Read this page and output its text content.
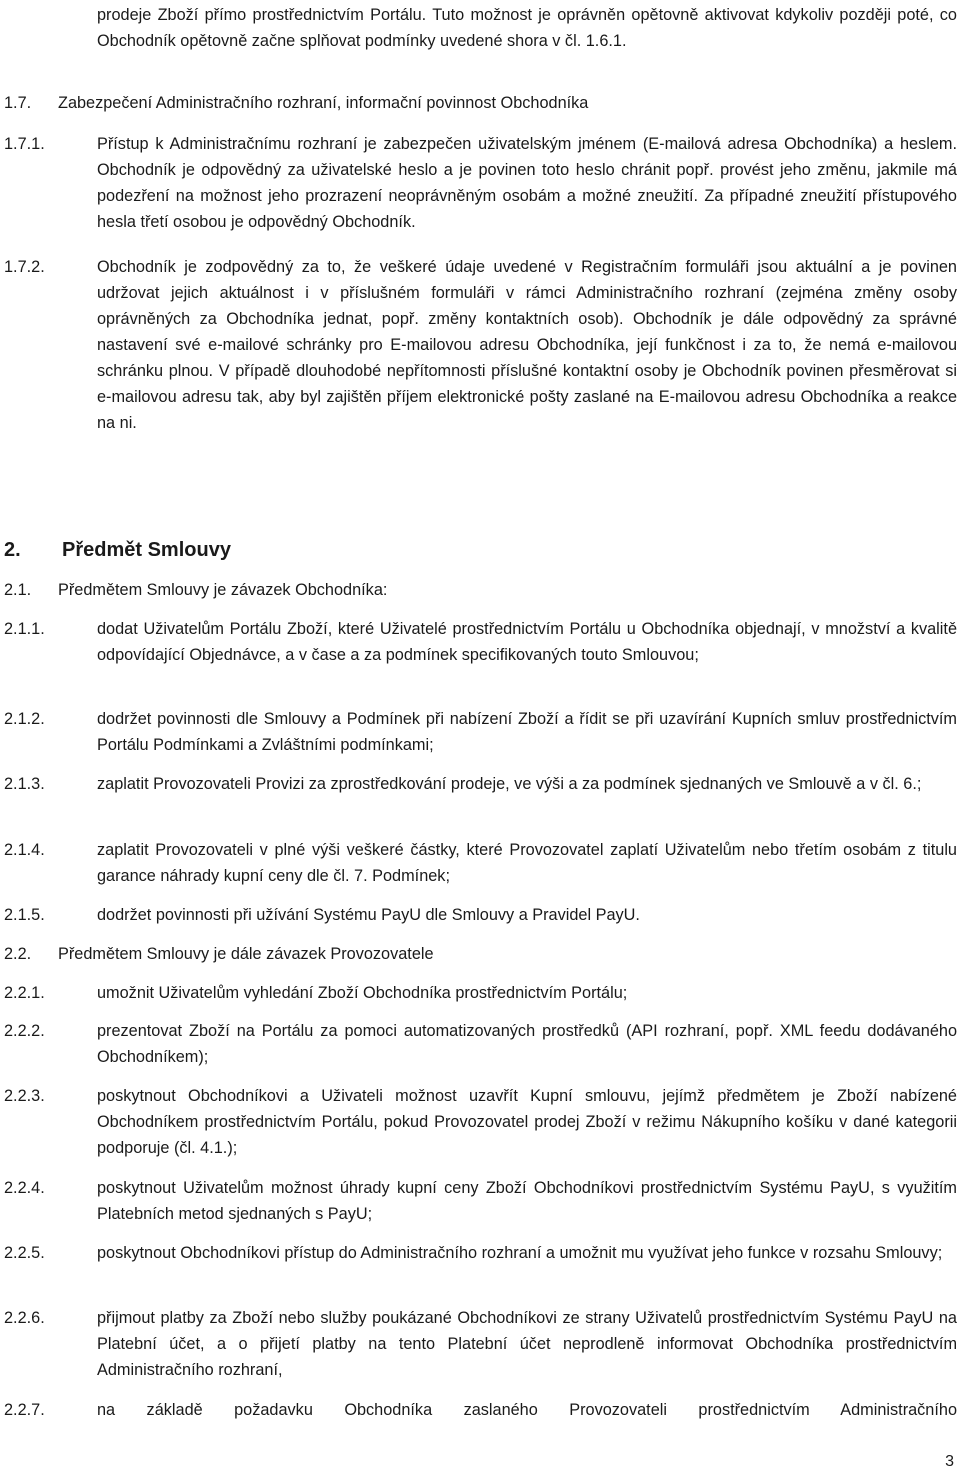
prodeje Zboží přímo prostřednictvím Portálu. Tuto možnost je oprávněn opětovně aktivovat kdykoliv později poté, co Obchodník opětovně začne splňovat podmínky uvedené shora v čl. 1.6.1.
1.7. Zabezpečení Administračního rozhraní, informační povinnost Obchodníka
1.7.1.	Přístup k Administračnímu rozhraní je zabezpečen uživatelským jménem (E-mailová adresa Obchodníka) a heslem. Obchodník je odpovědný za uživatelské heslo a je povinen toto heslo chránit popř. provést jeho změnu, jakmile má podezření na možnost jeho prozrazení neoprávněným osobám a možné zneužití. Za případné zneužití přístupového hesla třetí osobou je odpovědný Obchodník.
1.7.2.	Obchodník je zodpovědný za to, že veškeré údaje uvedené v Registračním formuláři jsou aktuální a je povinen udržovat jejich aktuálnost i v příslušném formuláři v rámci Administračního rozhraní (zejména změny osoby oprávněných za Obchodníka jednat, popř. změny kontaktních osob). Obchodník je dále odpovědný za správné nastavení své e-mailové schránky pro E-mailovou adresu Obchodníka, její funkčnost i za to, že nemá e-mailovou schránku plnou. V případě dlouhodobé nepřítomnosti příslušné kontaktní osoby je Obchodník povinen přesměrovat si e-mailovou adresu tak, aby byl zajištěn příjem elektronické pošty zaslané na E-mailovou adresu Obchodníka a reakce na ni.
2. Předmět Smlouvy
2.1. Předmětem Smlouvy je závazek Obchodníka:
2.1.1.	dodat Uživatelům Portálu Zboží, které Uživatelé prostřednictvím Portálu u Obchodníka objednají, v množství a kvalitě odpovídající Objednávce, a v čase a za podmínek specifikovaných touto Smlouvou;
2.1.2.	dodržet povinnosti dle Smlouvy a Podmínek při nabízení Zboží a řídit se při uzavírání Kupních smluv prostřednictvím Portálu Podmínkami a Zvláštními podmínkami;
2.1.3.	zaplatit Provozovateli Provizi za zprostředkování prodeje, ve výši a za podmínek sjednaných ve Smlouvě a v čl. 6.;
2.1.4.	zaplatit Provozovateli v plné výši veškeré částky, které Provozovatel zaplatí Uživatelům nebo třetím osobám z titulu garance náhrady kupní ceny dle čl. 7. Podmínek;
2.1.5.	dodržet povinnosti při užívání Systému PayU dle Smlouvy a Pravidel PayU.
2.2. Předmětem Smlouvy je dále závazek Provozovatele
2.2.1.	umožnit Uživatelům vyhledání Zboží Obchodníka prostřednictvím Portálu;
2.2.2.	prezentovat Zboží na Portálu za pomoci automatizovaných prostředků (API rozhraní, popř. XML feedu dodávaného Obchodníkem);
2.2.3.	poskytnout Obchodníkovi a Uživateli možnost uzavřít Kupní smlouvu, jejímž předmětem je Zboží nabízené Obchodníkem prostřednictvím Portálu, pokud Provozovatel prodej Zboží v režimu Nákupního košíku v dané kategorii podporuje (čl. 4.1.);
2.2.4.	poskytnout Uživatelům možnost úhrady kupní ceny Zboží Obchodníkovi prostřednictvím Systému PayU, s využitím Platebních metod sjednaných s PayU;
2.2.5.	poskytnout Obchodníkovi přístup do Administračního rozhraní a umožnit mu využívat jeho funkce v rozsahu Smlouvy;
2.2.6.	přijmout platby za Zboží nebo služby poukázané Obchodníkovi ze strany Uživatelů prostřednictvím Systému PayU na Platební účet, a o přijetí platby na tento Platební účet neprodleně informovat Obchodníka prostřednictvím Administračního rozhraní,
2.2.7.	na základě požadavku Obchodníka zaslaného Provozovateli prostřednictvím Administračního
3
